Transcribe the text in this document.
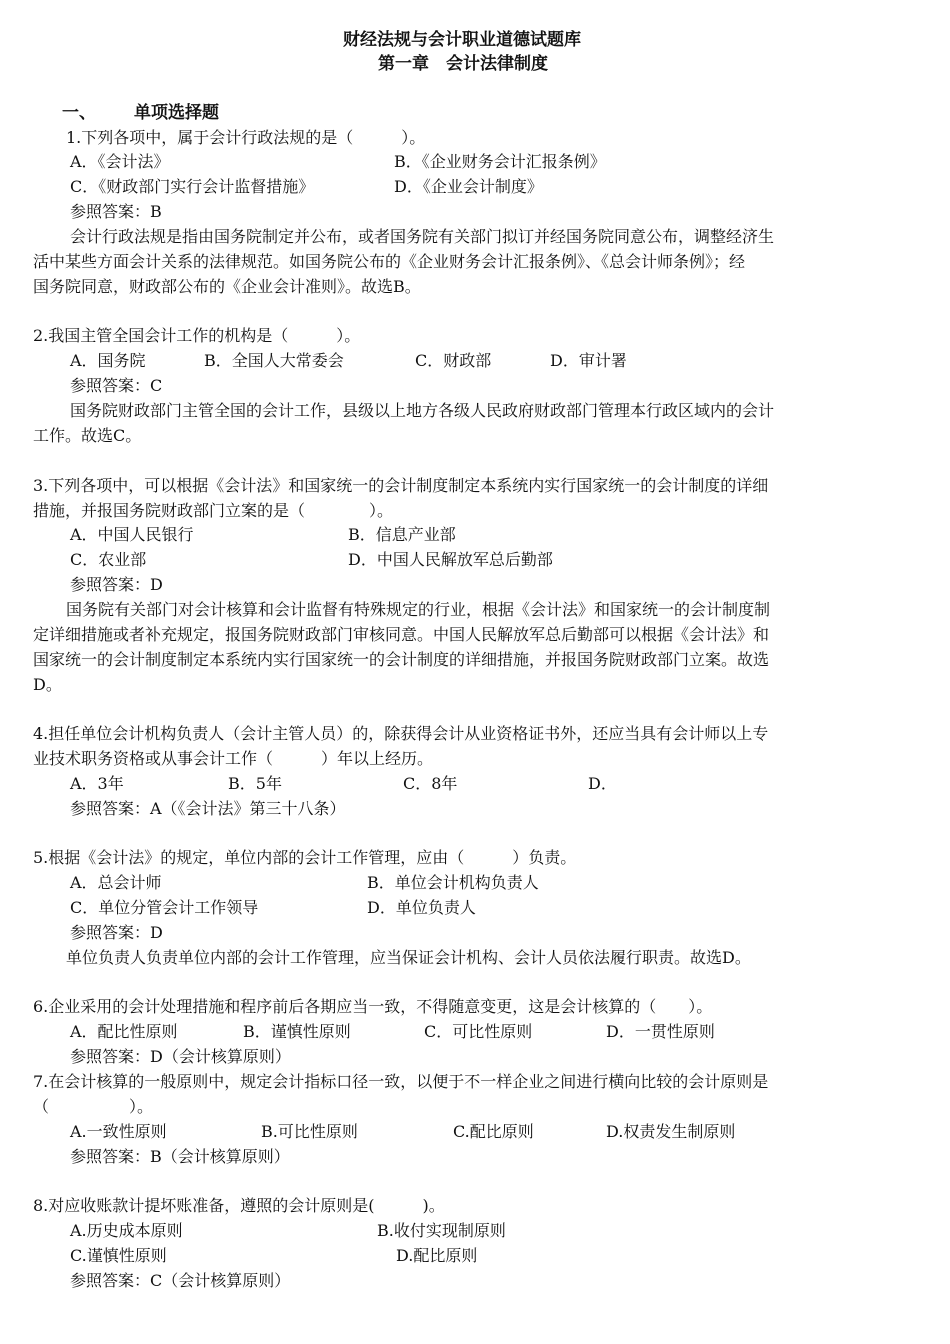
财经法规与会计职业道德试题库
第一章　会计法律制度
一、 单项选择题
1.下列各项中，属于会计行政法规的是（　　　）。
A．《会计法》	B．《企业财务会计汇报条例》
C．《财政部门实行会计监督措施》	D．《企业会计制度》
参照答案：B
会计行政法规是指由国务院制定并公布，或者国务院有关部门拟订并经国务院同意公布，调整经济生
活中某些方面会计关系的法律规范。如国务院公布的《企业财务会计汇报条例》、《总会计师条例》；经
国务院同意，财政部公布的《企业会计准则》。故选B。
2.我国主管全国会计工作的机构是（　　　）。
A．国务院	B．全国人大常委会	C．财政部	D．审计署
参照答案：C
国务院财政部门主管全国的会计工作，县级以上地方各级人民政府财政部门管理本行政区域内的会计
工作。故选C。
3.下列各项中，可以根据《会计法》和国家统一的会计制度制定本系统内实行国家统一的会计制度的详细
措施，并报国务院财政部门立案的是（　　　　）。
A．中国人民银行	B．信息产业部
C．农业部	D．中国人民解放军总后勤部
参照答案：D
国务院有关部门对会计核算和会计监督有特殊规定的行业，根据《会计法》和国家统一的会计制度制
定详细措施或者补充规定，报国务院财政部门审核同意。中国人民解放军总后勤部可以根据《会计法》和
国家统一的会计制度制定本系统内实行国家统一的会计制度的详细措施，并报国务院财政部门立案。故选
D。
4.担任单位会计机构负责人（会计主管人员）的，除获得会计从业资格证书外，还应当具有会计师以上专
业技术职务资格或从事会计工作（　　　）年以上经历。
A．3年	B．5年	C．8年	D．
参照答案：A（《会计法》第三十八条）
5.根据《会计法》的规定，单位内部的会计工作管理，应由（　　　）负责。
A．总会计师	B．单位会计机构负责人
C．单位分管会计工作领导	D．单位负责人
参照答案：D
单位负责人负责单位内部的会计工作管理，应当保证会计机构、会计人员依法履行职责。故选D。
6.企业采用的会计处理措施和程序前后各期应当一致，不得随意变更，这是会计核算的（　　）。
A．配比性原则	B．谨慎性原则	C．可比性原则	D．一贯性原则
参照答案：D（会计核算原则）
7.在会计核算的一般原则中，规定会计指标口径一致，以便于不一样企业之间进行横向比较的会计原则是
（　　　　　）。
A.一致性原则	B.可比性原则	C.配比原则	D.权责发生制原则
参照答案：B（会计核算原则）
8.对应收账款计提坏账准备，遵照的会计原则是(　　　)。
A.历史成本原则	B.收付实现制原则
C.谨慎性原则	D.配比原则
参照答案：C（会计核算原则）
